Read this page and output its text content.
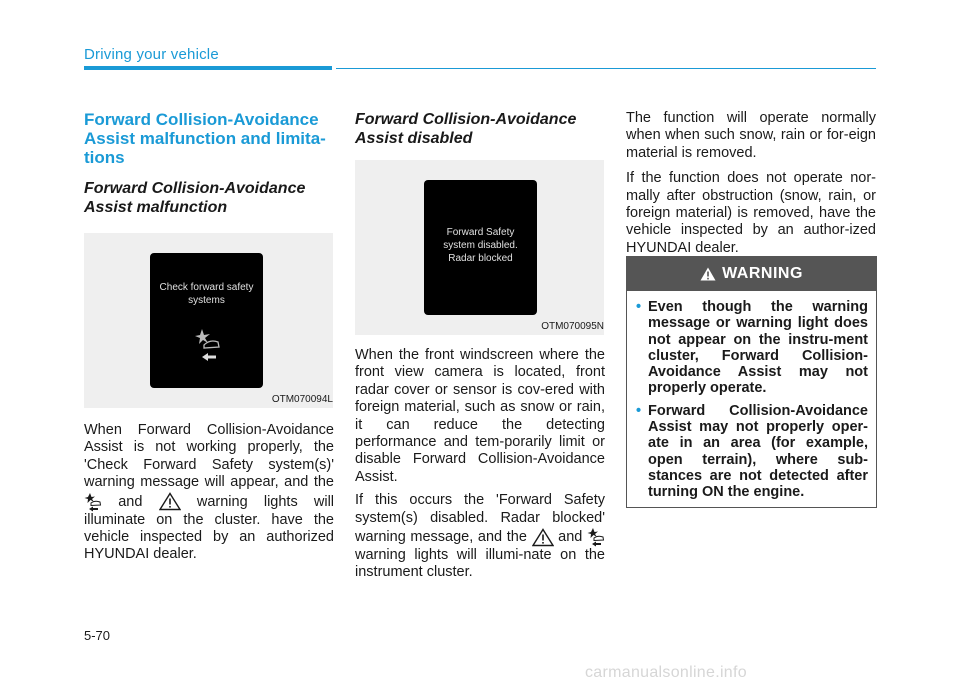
Driving your vehicle
Forward Collision-Avoidance Assist malfunction and limita-tions
Forward Collision-Avoidance Assist malfunction
Check forward safety
systems
OTM070094L

When Forward Collision-Avoidance Assist is not working properly, the 'Check Forward Safety system(s)' warning message will appear, and the  and	warning lights will illuminate on the cluster. have the vehicle inspected by an authorized HYUNDAI dealer.

Forward Collision-Avoidance Assist disabled
Forward Safety
system disabled.
Radar blocked
OTM070095N

When the front windscreen where the front view camera is located, front radar cover or sensor is cov-ered with foreign material, such as snow or rain, it can reduce the detecting performance and tem-porarily limit or disable Forward Collision-Avoidance Assist.

If this occurs the 'Forward Safety system(s) disabled. Radar blocked' warning message, and the and  warning lights will illumi-nate on the instrument cluster.

The function will operate normally when when such snow, rain or for-eign material is removed.

If the function does not operate nor-mally after obstruction (snow, rain, or foreign material) is removed, have the vehicle inspected by an author-ized HYUNDAI dealer.

WARNING
• Even though the warning message or warning light does not appear on the instru-ment cluster, Forward Collision-Avoidance Assist may not properly operate.
• Forward Collision-Avoidance Assist may not properly oper-ate in an area (for example, open terrain), where sub-stances are not detected after turning ON the engine.
5-70
carmanualsonline.info
